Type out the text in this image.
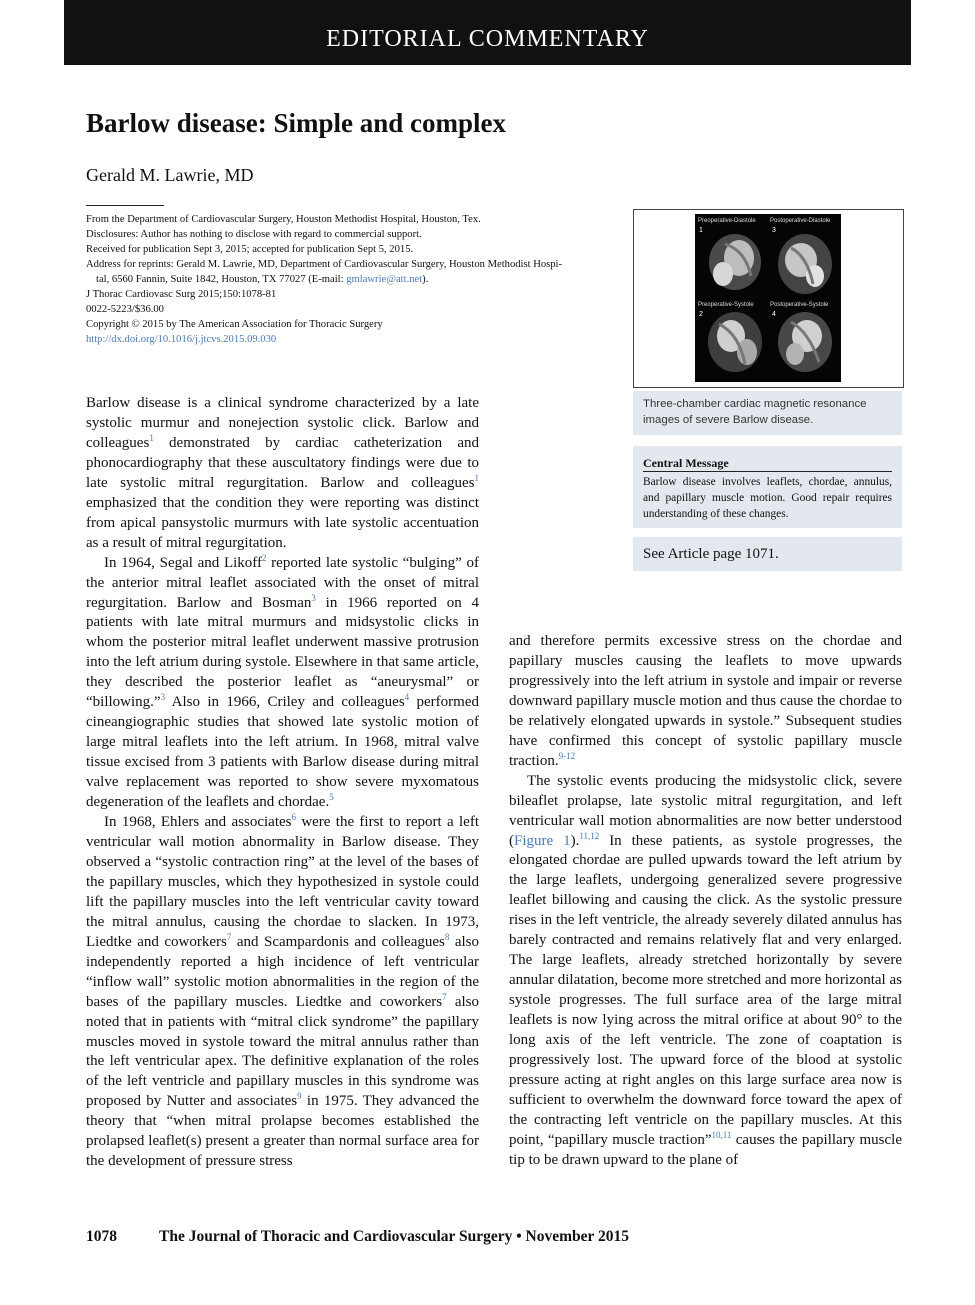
EDITORIAL COMMENTARY
Barlow disease: Simple and complex
Gerald M. Lawrie, MD
From the Department of Cardiovascular Surgery, Houston Methodist Hospital, Houston, Tex.
Disclosures: Author has nothing to disclose with regard to commercial support.
Received for publication Sept 3, 2015; accepted for publication Sept 5, 2015.
Address for reprints: Gerald M. Lawrie, MD, Department of Cardiovascular Surgery, Houston Methodist Hospi-
tal, 6560 Fannin, Suite 1842, Houston, TX 77027 (E-mail: gmlawrie@att.net).
J Thorac Cardiovasc Surg 2015;150:1078-81
0022-5223/$36.00
Copyright © 2015 by The American Association for Thoracic Surgery
http://dx.doi.org/10.1016/j.jtcvs.2015.09.030
Preoperative-Diastole
1
Postoperative-Diastole
3
Preoperative-Systole
2
Postoperative-Systole
4
Three-chamber cardiac magnetic resonance images of severe Barlow disease.
Central Message
Barlow disease involves leaflets, chordae, annulus, and papillary muscle motion. Good repair requires understanding of these changes.
See Article page 1071.

Barlow disease is a clinical syndrome characterized by a late systolic murmur and nonejection systolic click. Barlow and colleagues$^1$ demonstrated by cardiac catheterization and phonocardiography that these auscultatory findings were due to late systolic mitral regurgitation. Barlow and colleagues$^1$ emphasized that the condition they were reporting was distinct from apical pansystolic murmurs with late systolic accentuation as a result of mitral regurgitation.

In 1964, Segal and Likoff$^2$ reported late systolic “bulging” of the anterior mitral leaflet associated with the onset of mitral regurgitation. Barlow and Bosman$^3$ in 1966 reported on 4 patients with late mitral murmurs and midsystolic clicks in whom the posterior mitral leaflet underwent massive protrusion into the left atrium during systole. Elsewhere in that same article, they described the posterior leaflet as “aneurysmal” or “billowing.”$^3$ Also in 1966, Criley and colleagues$^4$ performed cineangiographic studies that showed late systolic motion of large mitral leaflets into the left atrium. In 1968, mitral valve tissue excised from 3 patients with Barlow disease during mitral valve replacement was reported to show severe myxomatous degeneration of the leaflets and chordae.$^5$

In 1968, Ehlers and associates$^6$ were the first to report a left ventricular wall motion abnormality in Barlow disease. They observed a “systolic contraction ring” at the level of the bases of the papillary muscles, which they hypothesized in systole could lift the papillary muscles into the left ventricular cavity toward the mitral annulus, causing the chordae to slacken. In 1973, Liedtke and coworkers$^7$ and Scampardonis and colleagues$^8$ also independently reported a high incidence of left ventricular “inflow wall” systolic motion abnormalities in the region of the bases of the papillary muscles. Liedtke and coworkers$^7$ also noted that in patients with “mitral click syndrome” the papillary muscles moved in systole toward the mitral annulus rather than the left ventricular apex. The definitive explanation of the roles of the left ventricle and papillary muscles in this syndrome was proposed by Nutter and associates$^9$ in 1975. They advanced the theory that “when mitral prolapse becomes established the prolapsed leaflet(s) present a greater than normal surface area for the development of pressure stress

and therefore permits excessive stress on the chordae and papillary muscles causing the leaflets to move upwards progressively into the left atrium in systole and impair or reverse downward papillary muscle motion and thus cause the chordae to be relatively elongated upwards in systole.” Subsequent studies have confirmed this concept of systolic papillary muscle traction.$^{9-12}$

The systolic events producing the midsystolic click, severe bileaflet prolapse, late systolic mitral regurgitation, and left ventricular wall motion abnormalities are now better understood (Figure 1).$^{11,12}$ In these patients, as systole progresses, the elongated chordae are pulled upwards toward the left atrium by the large leaflets, undergoing generalized severe progressive leaflet billowing and causing the click. As the systolic pressure rises in the left ventricle, the already severely dilated annulus has barely contracted and remains relatively flat and very enlarged. The large leaflets, already stretched horizontally by severe annular dilatation, become more stretched and more horizontal as systole progresses. The full surface area of the large mitral leaflets is now lying across the mitral orifice at about 90° to the long axis of the left ventricle. The zone of coaptation is progressively lost. The upward force of the blood at systolic pressure acting at right angles on this large surface area now is sufficient to overwhelm the downward force toward the apex of the contracting left ventricle on the papillary muscles. At this point, “papillary muscle traction”$^{10,11}$ causes the papillary muscle tip to be drawn upward to the plane of

1078	The Journal of Thoracic and Cardiovascular Surgery • November 2015
